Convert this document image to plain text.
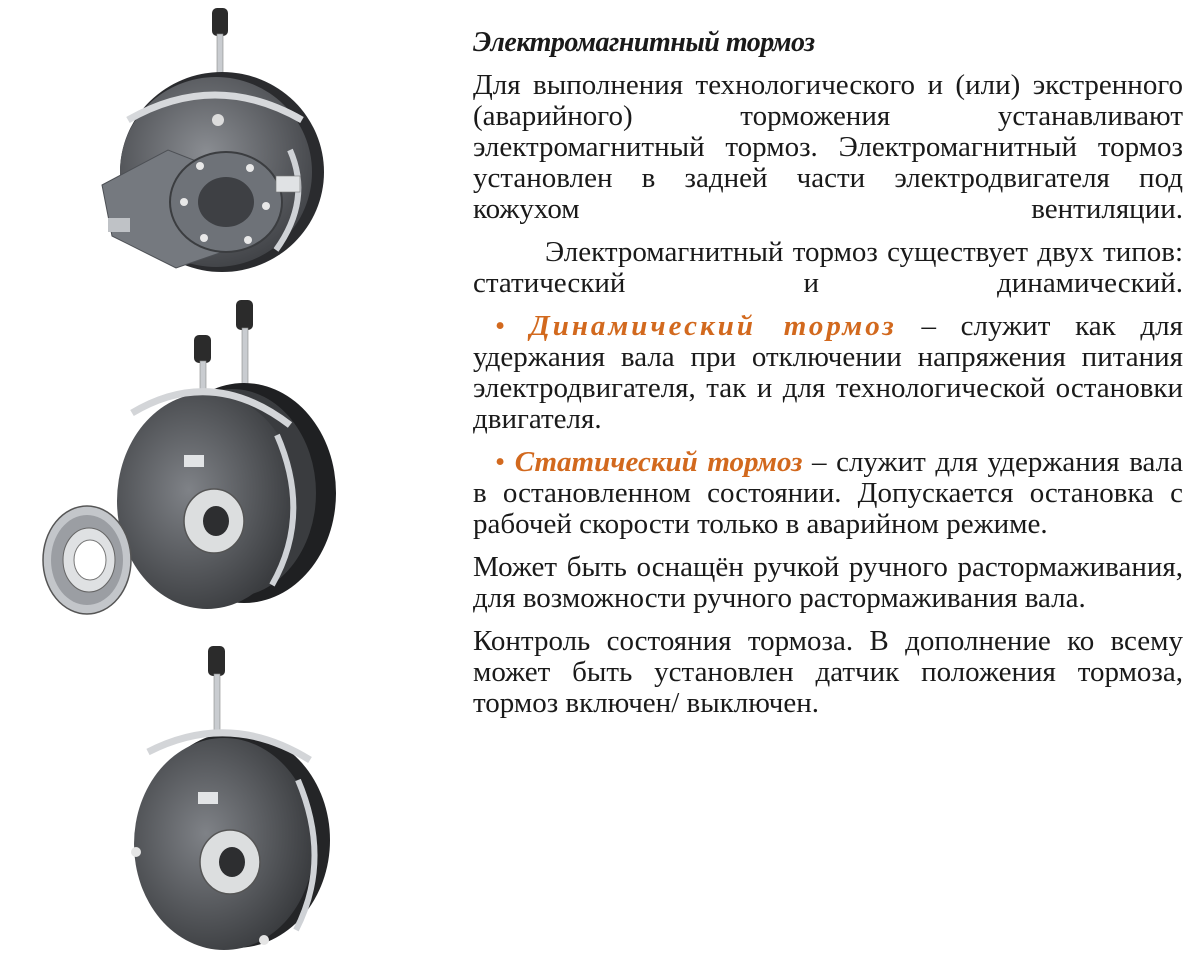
Электромагнитный тормоз

Для выполнения технологического и (или) экстренного (аварийного) торможения устанавливают электромагнитный тормоз. Электромагнитный тормоз установлен в задней части электродвигателя под кожухом вентиляции.

Электромагнитный тормоз существует двух типов: статический и динамический.

• Динамический тормоз – служит как для удержания вала при отключении напряжения питания электродвигателя, так и для технологической остановки двигателя.

• Статический тормоз – служит для удержания вала в остановленном состоянии. Допускается остановка с рабочей скорости только в аварийном режиме.

Может быть оснащён ручкой ручного растормаживания, для возможности ручного растормаживания вала.

Контроль состояния тормоза. В дополнение ко всему может быть установлен датчик положения тормоза, тормоз включен/ выключен.
